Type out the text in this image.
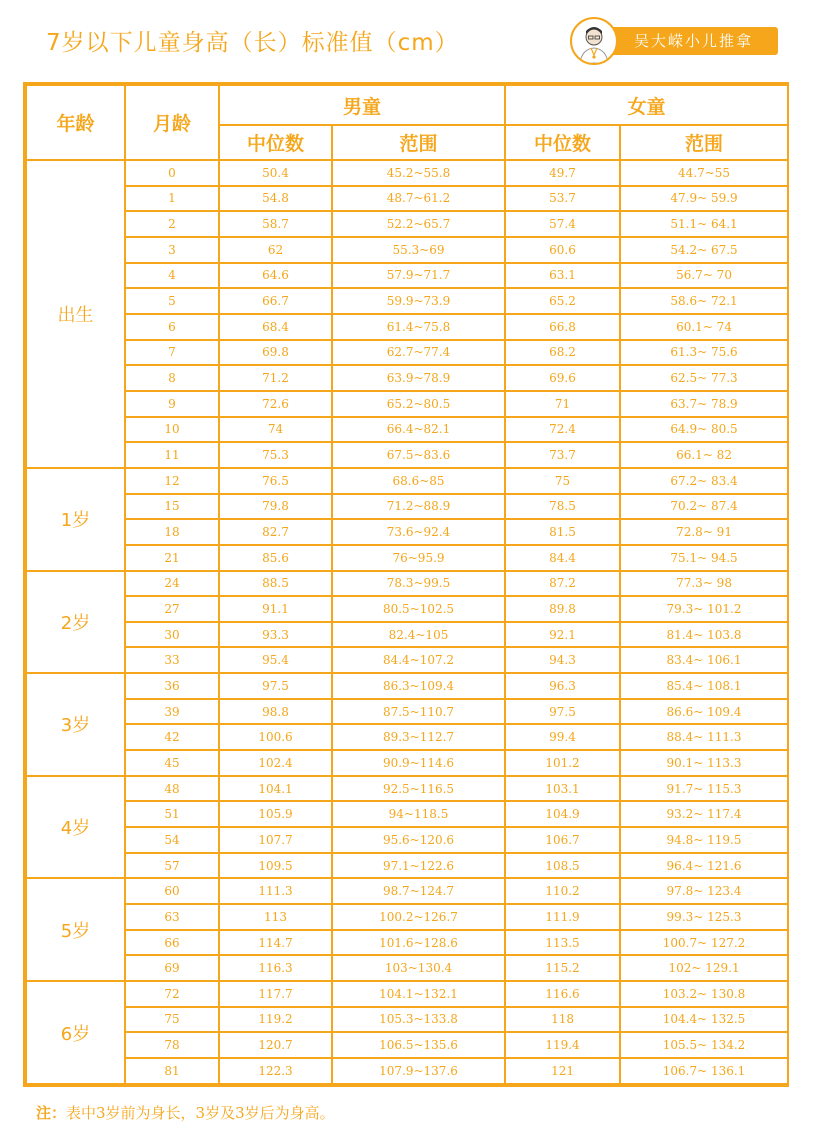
7岁以下儿童身高（长）标准值（cm）	吴大嵘小儿推拿
年龄	月龄	男童		女童	
		中位数	范围	中位数	范围
出生	0	50.4	45.2~55.8	49.7	44.7~55
	1	54.8	48.7~61.2	53.7	47.9~ 59.9
	2	58.7	52.2~65.7	57.4	51.1~ 64.1
	3	62	55.3~69	60.6	54.2~ 67.5
	4	64.6	57.9~71.7	63.1	56.7~ 70
	5	66.7	59.9~73.9	65.2	58.6~ 72.1
	6	68.4	61.4~75.8	66.8	60.1~ 74
	7	69.8	62.7~77.4	68.2	61.3~ 75.6
	8	71.2	63.9~78.9	69.6	62.5~ 77.3
	9	72.6	65.2~80.5	71	63.7~ 78.9
	10	74	66.4~82.1	72.4	64.9~ 80.5
	11	75.3	67.5~83.6	73.7	66.1~ 82
1岁	12	76.5	68.6~85	75	67.2~ 83.4
	15	79.8	71.2~88.9	78.5	70.2~ 87.4
	18	82.7	73.6~92.4	81.5	72.8~ 91
	21	85.6	76~95.9	84.4	75.1~ 94.5
2岁	24	88.5	78.3~99.5	87.2	77.3~ 98
	27	91.1	80.5~102.5	89.8	79.3~ 101.2
	30	93.3	82.4~105	92.1	81.4~ 103.8
	33	95.4	84.4~107.2	94.3	83.4~ 106.1
3岁	36	97.5	86.3~109.4	96.3	85.4~ 108.1
	39	98.8	87.5~110.7	97.5	86.6~ 109.4
	42	100.6	89.3~112.7	99.4	88.4~ 111.3
	45	102.4	90.9~114.6	101.2	90.1~ 113.3
4岁	48	104.1	92.5~116.5	103.1	91.7~ 115.3
	51	105.9	94~118.5	104.9	93.2~ 117.4
	54	107.7	95.6~120.6	106.7	94.8~ 119.5
	57	109.5	97.1~122.6	108.5	96.4~ 121.6
5岁	60	111.3	98.7~124.7	110.2	97.8~ 123.4
	63	113	100.2~126.7	111.9	99.3~ 125.3
	66	114.7	101.6~128.6	113.5	100.7~ 127.2
	69	116.3	103~130.4	115.2	102~ 129.1
6岁	72	117.7	104.1~132.1	116.6	103.2~ 130.8
	75	119.2	105.3~133.8	118	104.4~ 132.5
	78	120.7	106.5~135.6	119.4	105.5~ 134.2
	81	122.3	107.9~137.6	121	106.7~ 136.1
注：表中3岁前为身长，3岁及3岁后为身高。
